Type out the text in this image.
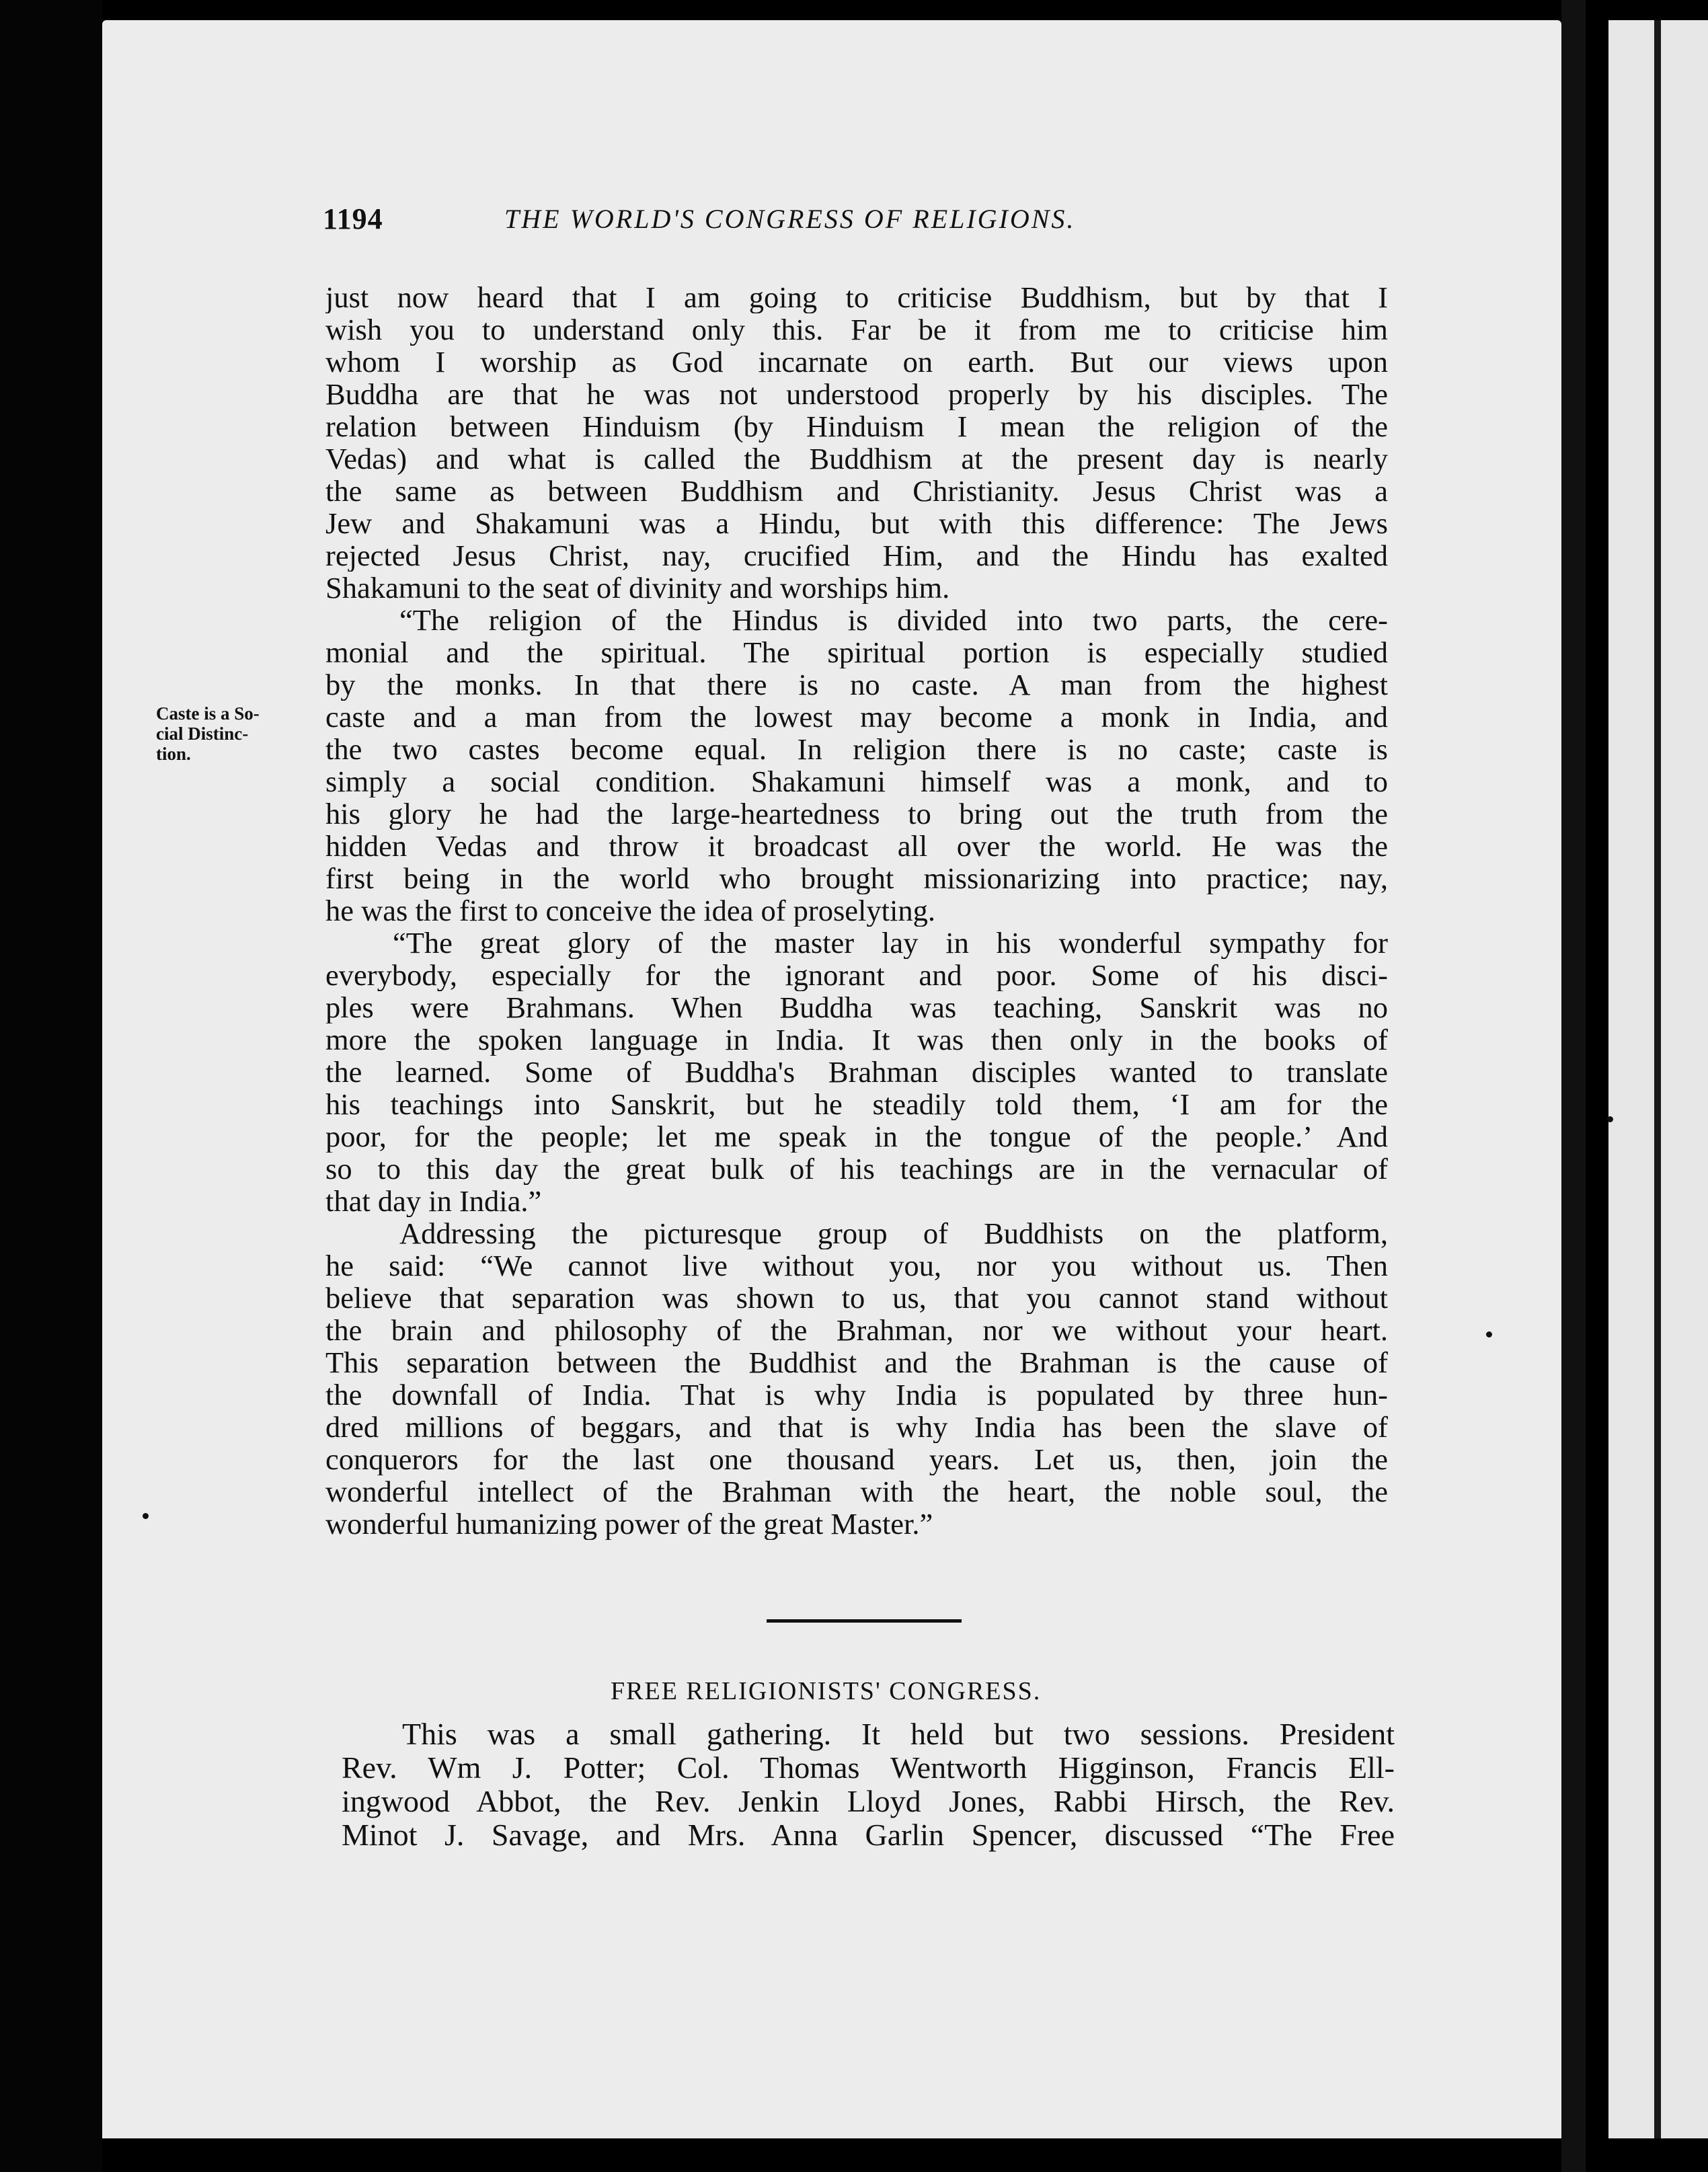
1194	THE WORLD'S CONGRESS OF RELIGIONS.
Caste is a So-
cial Distinc-
tion.
just now heard that I am going to criticise Buddhism, but by that I
wish you to understand only this. Far be it from me to criticise him
whom I worship as God incarnate on earth. But our views upon
Buddha are that he was not understood properly by his disciples. The
relation between Hinduism (by Hinduism I mean the religion of the
Vedas) and what is called the Buddhism at the present day is nearly
the same as between Buddhism and Christianity. Jesus Christ was a
Jew and Shakamuni was a Hindu, but with this difference: The Jews
rejected Jesus Christ, nay, crucified Him, and the Hindu has exalted
Shakamuni to the seat of divinity and worships him.
“The religion of the Hindus is divided into two parts, the cere-
monial and the spiritual. The spiritual portion is especially studied
by the monks. In that there is no caste. A man from the highest
caste and a man from the lowest may become a monk in India, and
the two castes become equal. In religion there is no caste; caste is
simply a social condition. Shakamuni himself was a monk, and to
his glory he had the large-heartedness to bring out the truth from the
hidden Vedas and throw it broadcast all over the world. He was the
first being in the world who brought missionarizing into practice; nay,
he was the first to conceive the idea of proselyting.
“The great glory of the master lay in his wonderful sympathy for
everybody, especially for the ignorant and poor. Some of his disci-
ples were Brahmans. When Buddha was teaching, Sanskrit was no
more the spoken language in India. It was then only in the books of
the learned. Some of Buddha's Brahman disciples wanted to translate
his teachings into Sanskrit, but he steadily told them, ‘I am for the
poor, for the people; let me speak in the tongue of the people.’ And
so to this day the great bulk of his teachings are in the vernacular of
that day in India.”
Addressing the picturesque group of Buddhists on the platform,
he said: “We cannot live without you, nor you without us. Then
believe that separation was shown to us, that you cannot stand without
the brain and philosophy of the Brahman, nor we without your heart.
This separation between the Buddhist and the Brahman is the cause of
the downfall of India. That is why India is populated by three hun-
dred millions of beggars, and that is why India has been the slave of
conquerors for the last one thousand years. Let us, then, join the
wonderful intellect of the Brahman with the heart, the noble soul, the
wonderful humanizing power of the great Master.”
FREE RELIGIONISTS' CONGRESS.
This was a small gathering. It held but two sessions. President
Rev. Wm J. Potter; Col. Thomas Wentworth Higginson, Francis Ell-
ingwood Abbot, the Rev. Jenkin Lloyd Jones, Rabbi Hirsch, the Rev.
Minot J. Savage, and Mrs. Anna Garlin Spencer, discussed “The Free
